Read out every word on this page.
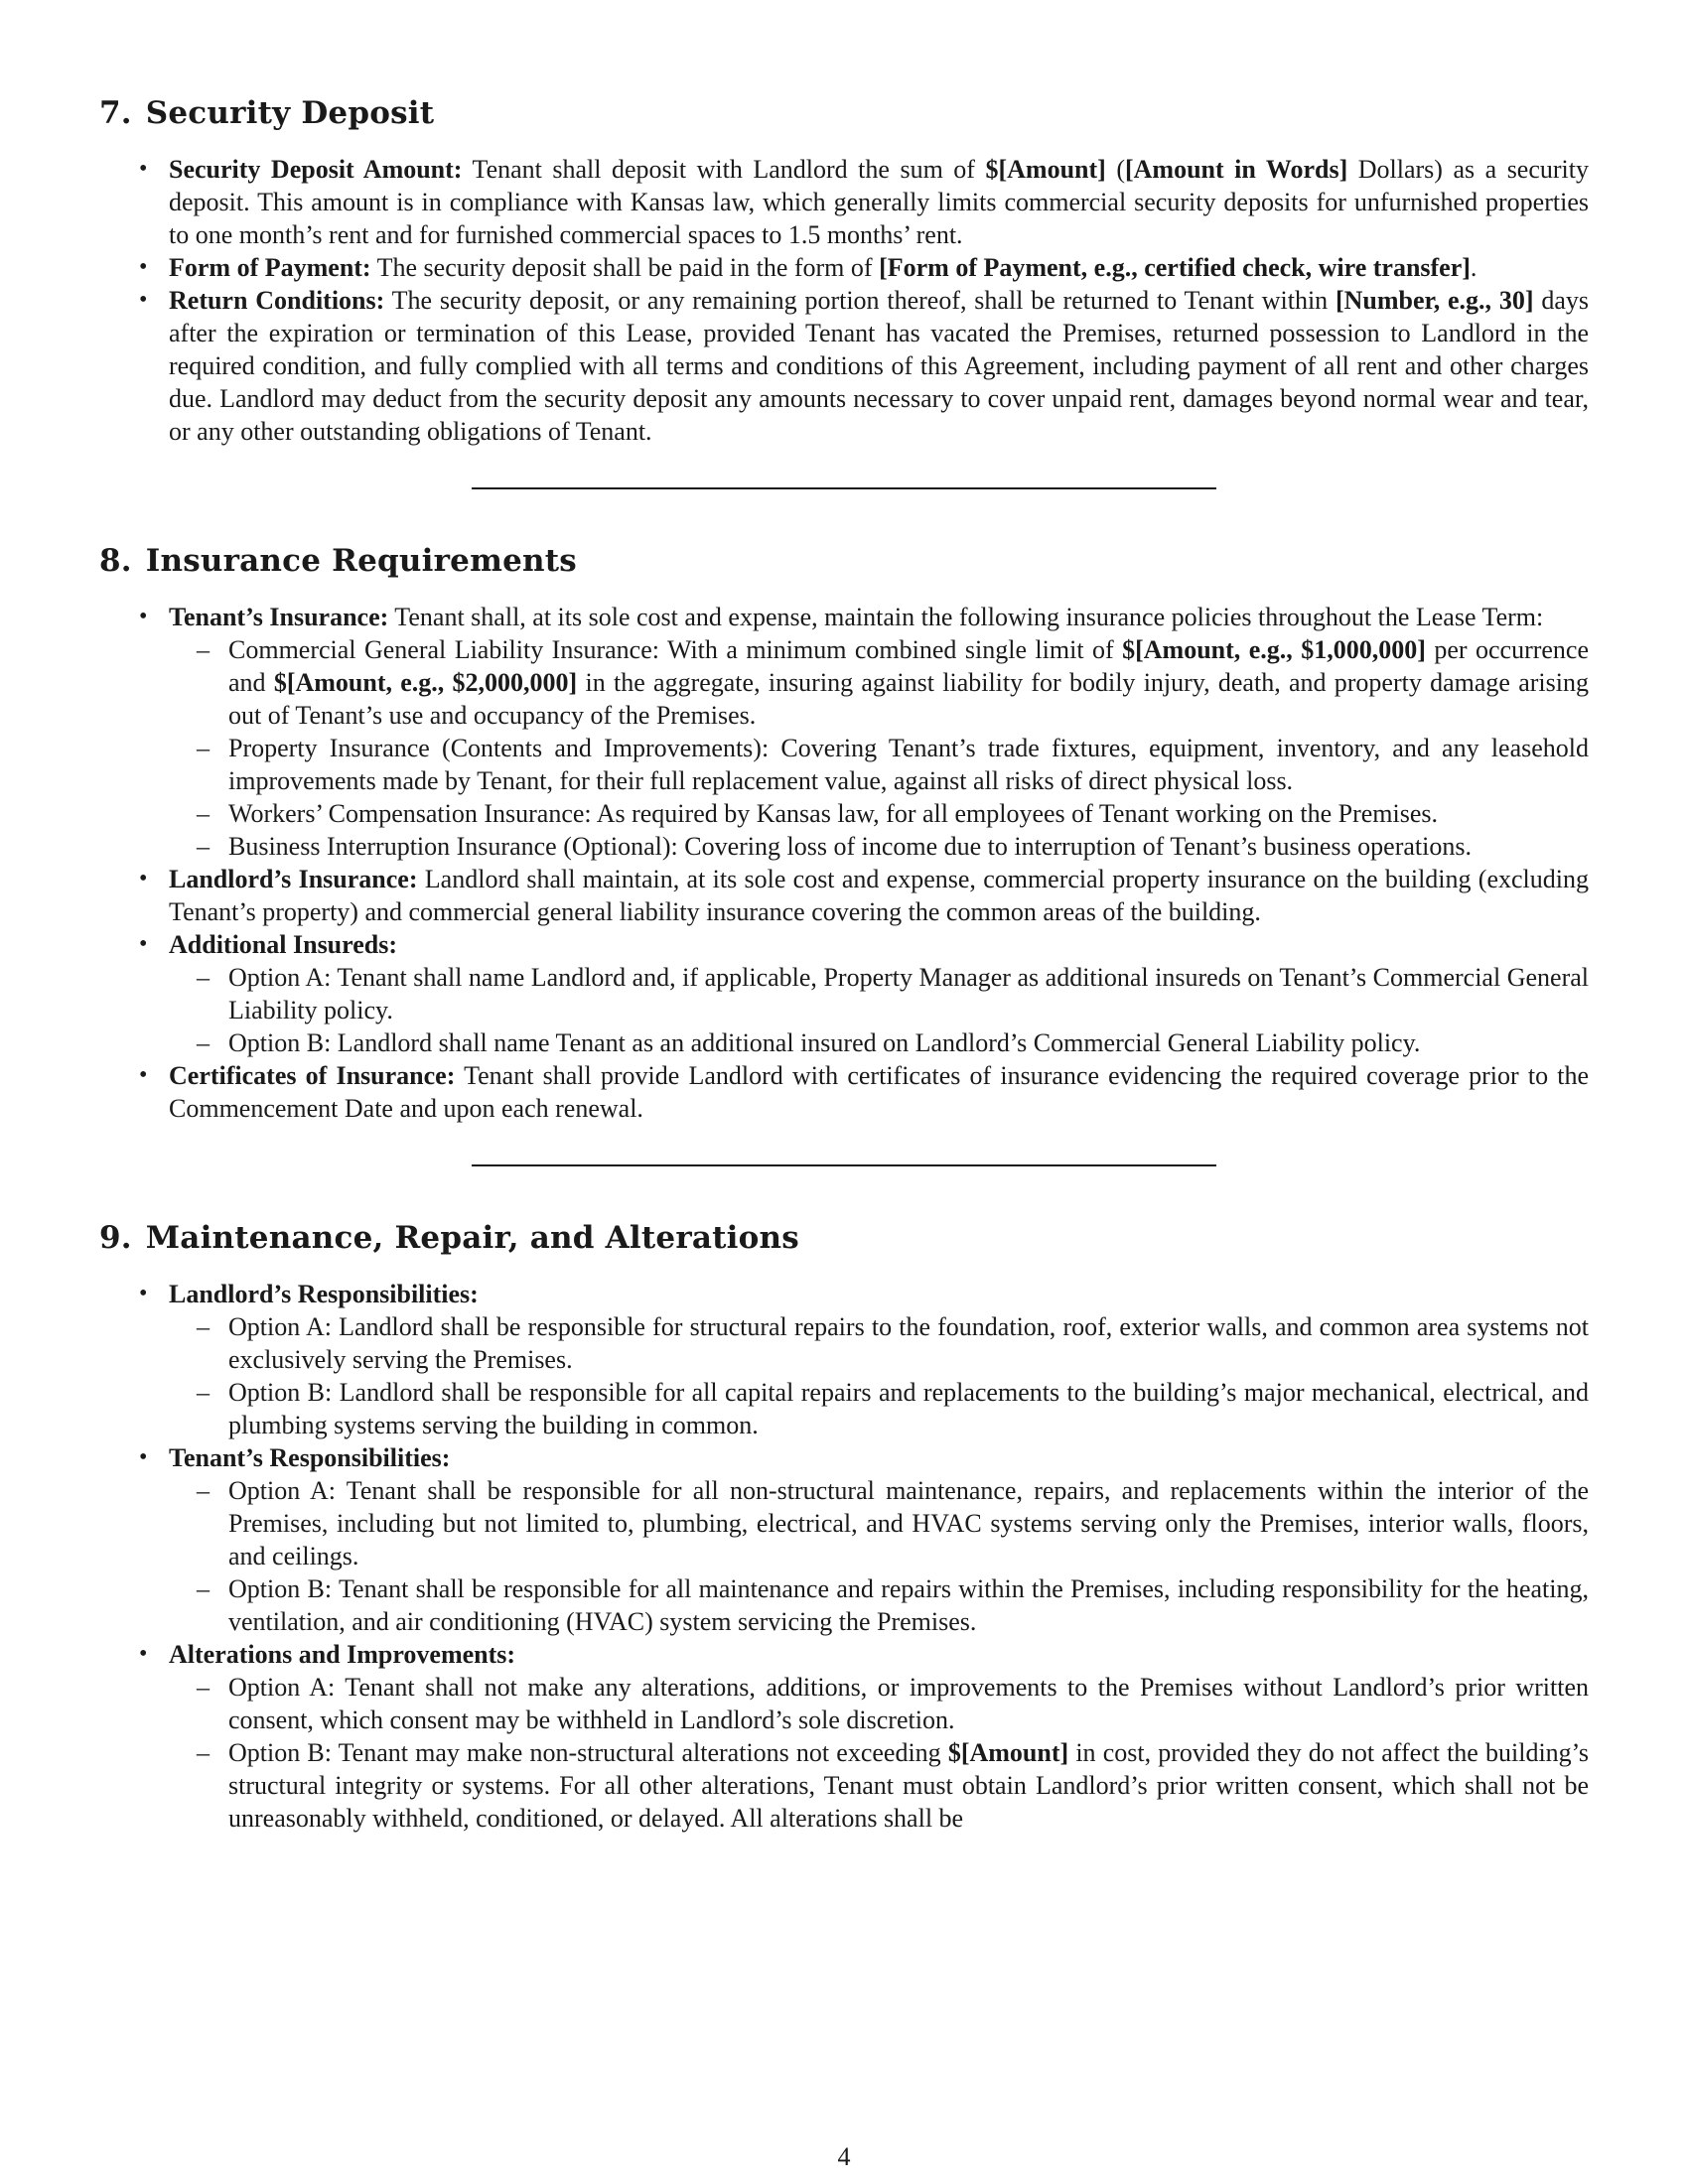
7. Security Deposit
• Security Deposit Amount: Tenant shall deposit with Landlord the sum of $[Amount] ([Amount in Words] Dollars) as a security deposit. This amount is in compliance with Kansas law, which generally limits commercial security deposits for unfurnished properties to one month’s rent and for furnished commercial spaces to 1.5 months’ rent.
• Form of Payment: The security deposit shall be paid in the form of [Form of Payment, e.g., certified check, wire transfer].
• Return Conditions: The security deposit, or any remaining portion thereof, shall be returned to Tenant within [Number, e.g., 30] days after the expiration or termination of this Lease, provided Tenant has vacated the Premises, returned possession to Landlord in the required condition, and fully complied with all terms and conditions of this Agreement, including payment of all rent and other charges due. Landlord may deduct from the security deposit any amounts necessary to cover unpaid rent, damages beyond normal wear and tear, or any other outstanding obligations of Tenant.
8. Insurance Requirements
• Tenant’s Insurance: Tenant shall, at its sole cost and expense, maintain the following insurance policies throughout the Lease Term:
– Commercial General Liability Insurance: With a minimum combined single limit of $[Amount, e.g., $1,000,000] per occurrence and $[Amount, e.g., $2,000,000] in the aggregate, insuring against liability for bodily injury, death, and property damage arising out of Tenant’s use and occupancy of the Premises.
– Property Insurance (Contents and Improvements): Covering Tenant’s trade fixtures, equipment, inventory, and any leasehold improvements made by Tenant, for their full replacement value, against all risks of direct physical loss.
– Workers’ Compensation Insurance: As required by Kansas law, for all employees of Tenant working on the Premises.
– Business Interruption Insurance (Optional): Covering loss of income due to interruption of Tenant’s business operations.
• Landlord’s Insurance: Landlord shall maintain, at its sole cost and expense, commercial property insurance on the building (excluding Tenant’s property) and commercial general liability insurance covering the common areas of the building.
• Additional Insureds:
– Option A: Tenant shall name Landlord and, if applicable, Property Manager as additional insureds on Tenant’s Commercial General Liability policy.
– Option B: Landlord shall name Tenant as an additional insured on Landlord’s Commercial General Liability policy.
• Certificates of Insurance: Tenant shall provide Landlord with certificates of insurance evidencing the required coverage prior to the Commencement Date and upon each renewal.
9. Maintenance, Repair, and Alterations
• Landlord’s Responsibilities:
– Option A: Landlord shall be responsible for structural repairs to the foundation, roof, exterior walls, and common area systems not exclusively serving the Premises.
– Option B: Landlord shall be responsible for all capital repairs and replacements to the building’s major mechanical, electrical, and plumbing systems serving the building in common.
• Tenant’s Responsibilities:
– Option A: Tenant shall be responsible for all non-structural maintenance, repairs, and replacements within the interior of the Premises, including but not limited to, plumbing, electrical, and HVAC systems serving only the Premises, interior walls, floors, and ceilings.
– Option B: Tenant shall be responsible for all maintenance and repairs within the Premises, including responsibility for the heating, ventilation, and air conditioning (HVAC) system servicing the Premises.
• Alterations and Improvements:
– Option A: Tenant shall not make any alterations, additions, or improvements to the Premises without Landlord’s prior written consent, which consent may be withheld in Landlord’s sole discretion.
– Option B: Tenant may make non-structural alterations not exceeding $[Amount] in cost, provided they do not affect the building’s structural integrity or systems. For all other alterations, Tenant must obtain Landlord’s prior written consent, which shall not be unreasonably withheld, conditioned, or delayed. All alterations shall be
4
